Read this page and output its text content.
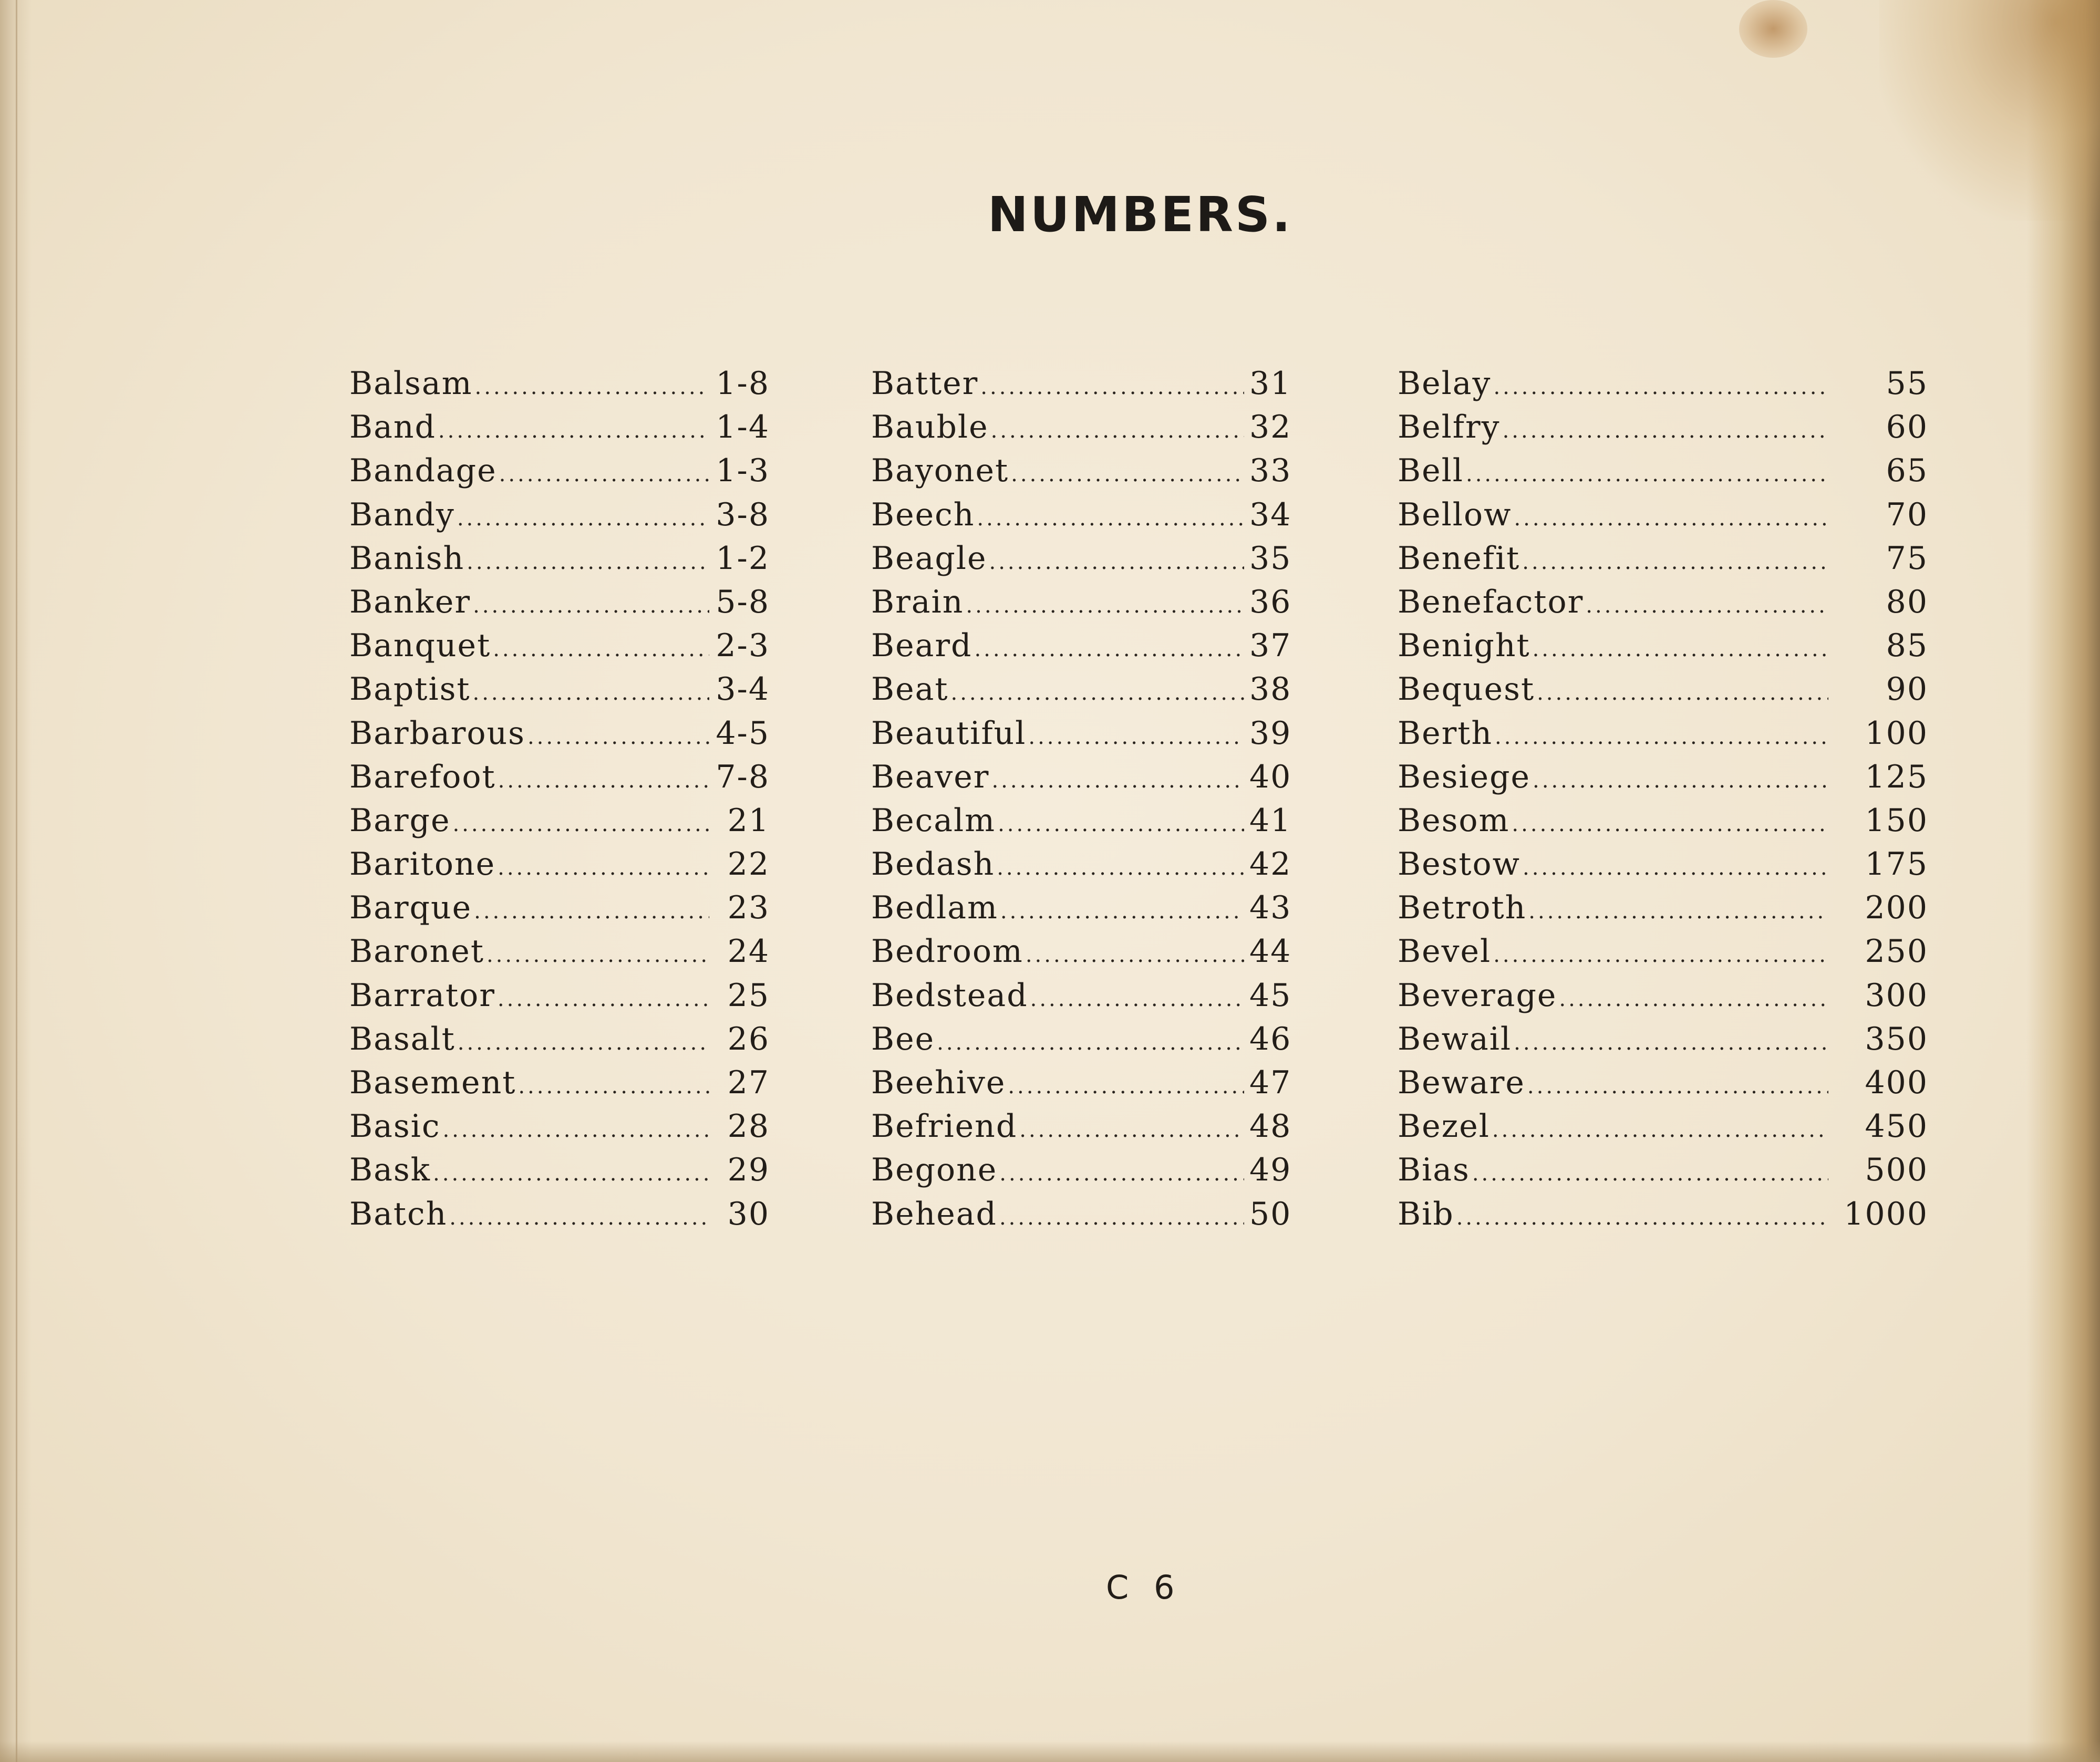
NUMBERS.
Balsam .....	1-8
Band .....	1-4
Bandage .....	1-3
Bandy .....	3-8
Banish .....	1-2
Banker .....	5-8
Banquet .....	2-3
Baptist .....	3-4
Barbarous .....	4-5
Barefoot .....	7-8
Barge .....	21
Baritone .....	22
Barque .....	23
Baronet .....	24
Barrator .....	25
Basalt .....	26
Basement .....	27
Basic .....	28
Bask .....	29
Batch .....	30
Batter .....	31
Bauble .....	32
Bayonet .....	33
Beech .....	34
Beagle .....	35
Brain .....	36
Beard .....	37
Beat .....	38
Beautiful .....	39
Beaver .....	40
Becalm .....	41
Bedash .....	42
Bedlam .....	43
Bedroom .....	44
Bedstead .....	45
Bee .....	46
Beehive .....	47
Befriend .....	48
Begone .....	49
Behead .....	50
Belay .....	55
Belfry .....	60
Bell .....	65
Bellow .....	70
Benefit .....	75
Benefactor .....	80
Benight .....	85
Bequest .....	90
Berth .....	100
Besiege .....	125
Besom .....	150
Bestow .....	175
Betroth .....	200
Bevel .....	250
Beverage .....	300
Bewail .....	350
Beware .....	400
Bezel .....	450
Bias .....	500
Bib .....	1000
C 6
